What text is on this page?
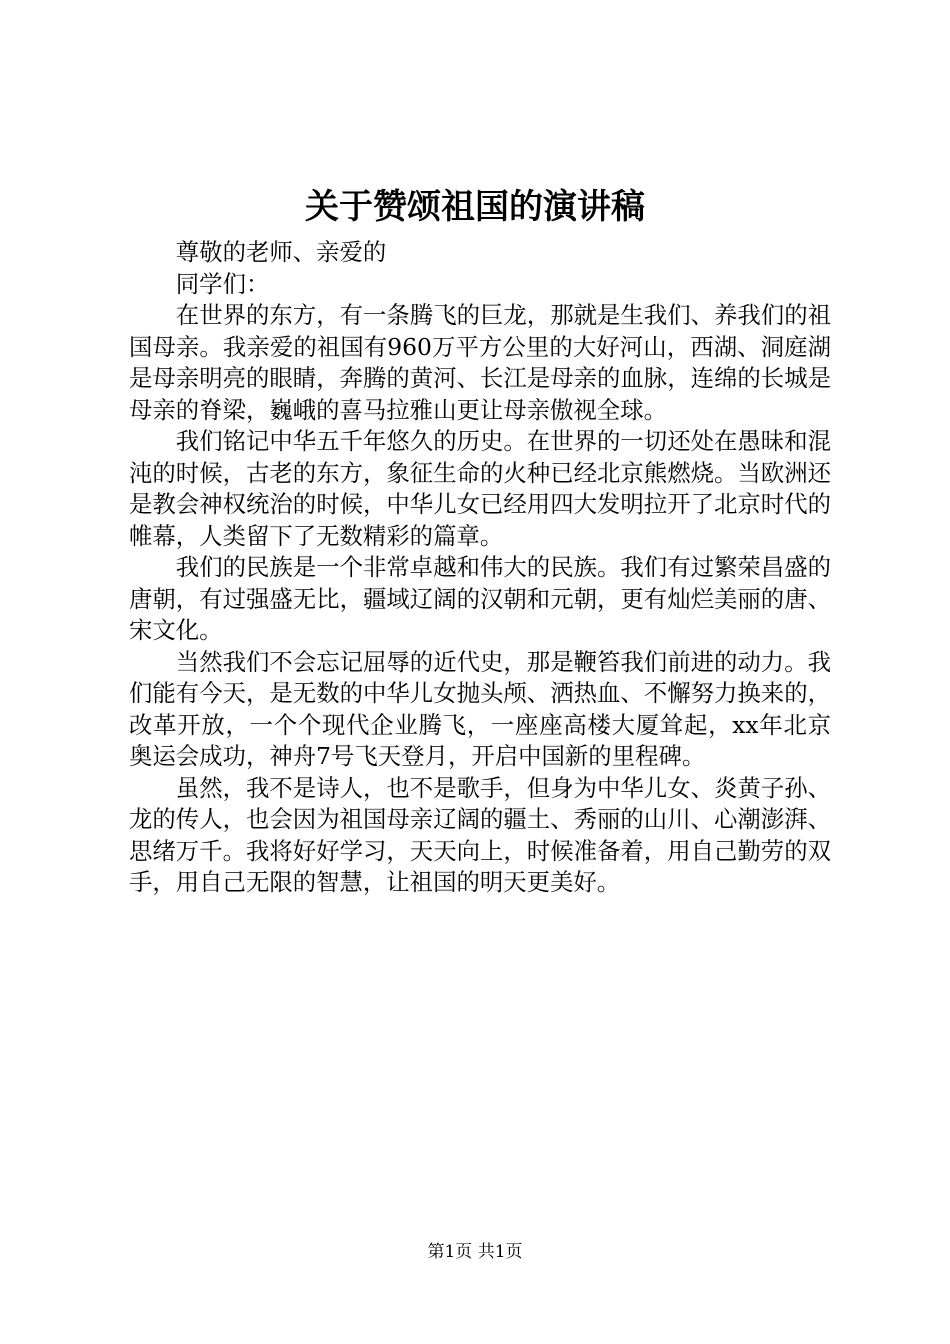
关于赞颂祖国的演讲稿

尊敬的老师、亲爱的

同学们：

在世界的东方，有一条腾飞的巨龙，那就是生我们、养我们的祖国母亲。我亲爱的祖国有960万平方公里的大好河山，西湖、洞庭湖是母亲明亮的眼睛，奔腾的黄河、长江是母亲的血脉，连绵的长城是母亲的脊梁，巍峨的喜马拉雅山更让母亲傲视全球。

我们铭记中华五千年悠久的历史。在世界的一切还处在愚昧和混沌的时候，古老的东方，象征生命的火种已经北京熊燃烧。当欧洲还是教会神权统治的时候，中华儿女已经用四大发明拉开了北京时代的帷幕，人类留下了无数精彩的篇章。

我们的民族是一个非常卓越和伟大的民族。我们有过繁荣昌盛的唐朝，有过强盛无比，疆域辽阔的汉朝和元朝，更有灿烂美丽的唐、宋文化。

当然我们不会忘记屈辱的近代史，那是鞭笞我们前进的动力。我们能有今天，是无数的中华儿女抛头颅、洒热血、不懈努力换来的，改革开放，一个个现代企业腾飞，一座座高楼大厦耸起，xx年北京奥运会成功，神舟7号飞天登月，开启中国新的里程碑。

虽然，我不是诗人，也不是歌手，但身为中华儿女、炎黄子孙、龙的传人，也会因为祖国母亲辽阔的疆土、秀丽的山川、心潮澎湃、思绪万千。我将好好学习，天天向上，时候准备着，用自己勤劳的双手，用自己无限的智慧，让祖国的明天更美好。

第1页 共1页
